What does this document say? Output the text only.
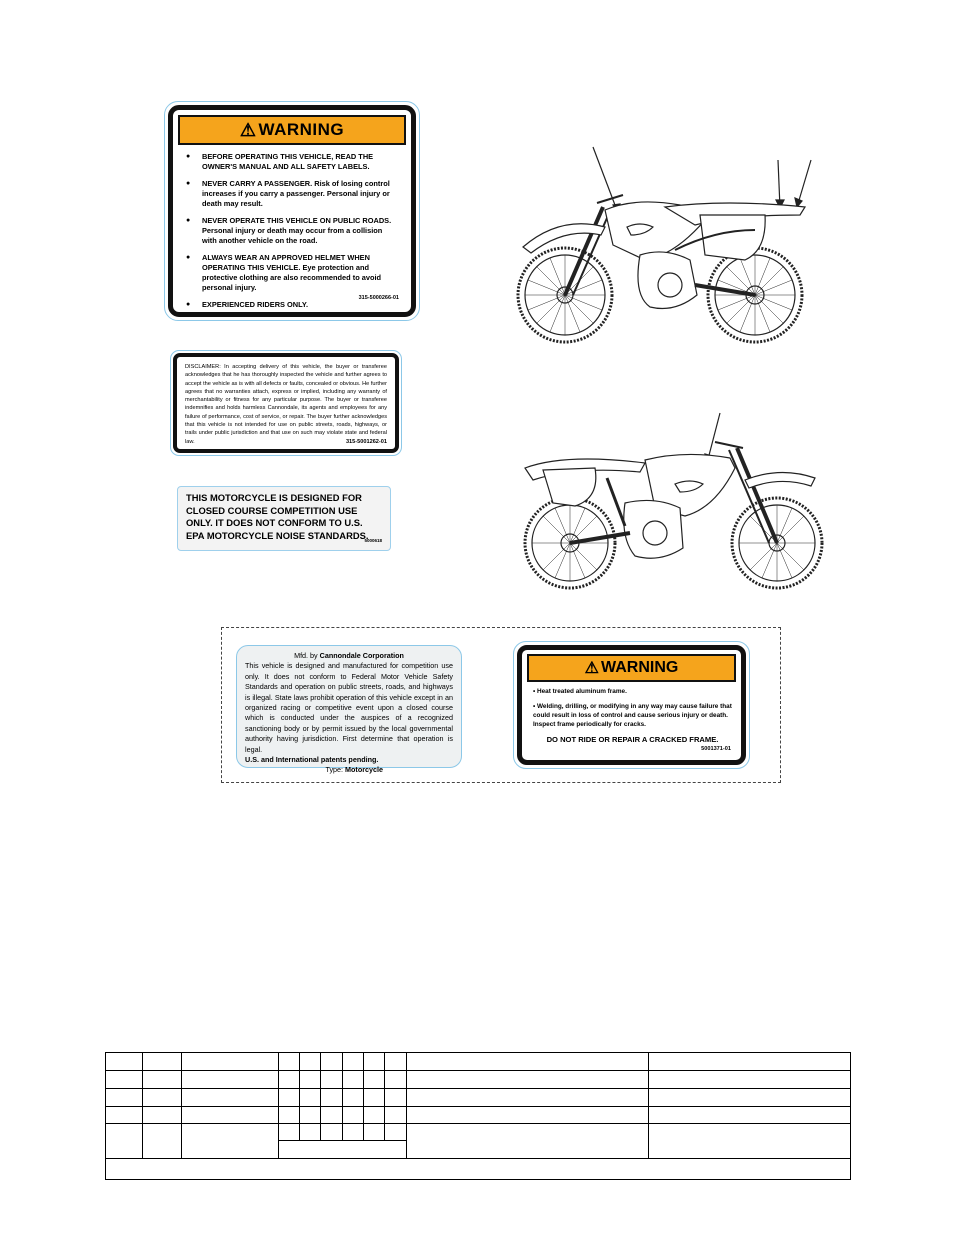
⚠ WARNING
● BEFORE OPERATING THIS VEHICLE, READ THE OWNER'S MANUAL AND ALL SAFETY LABELS.
● NEVER CARRY A PASSENGER. Risk of losing control increases if you carry a passenger. Personal injury or death may result.
● NEVER OPERATE THIS VEHICLE ON PUBLIC ROADS. Personal injury or death may occur from a collision with another vehicle on the road.
● ALWAYS WEAR AN APPROVED HELMET WHEN OPERATING THIS VEHICLE. Eye protection and protective clothing are also recommended to avoid personal injury.
● EXPERIENCED RIDERS ONLY.
315-5000266-01
DISCLAIMER: In accepting delivery of this vehicle, the buyer or transferee acknowledges that he has thoroughly inspected the vehicle and further agrees to accept the vehicle as is with all defects or faults, concealed or obvious. He further agrees that no warranties attach, express or implied, including any warranty of merchantability or fitness for any particular purpose. The buyer or transferee indemnifies and holds harmless Cannondale, its agents and employees for any failure of performance, cost of service, or repair. The buyer further acknowledges that this vehicle is not intended for use on public streets, roads, highways, or trails under public jurisdiction and that use on such may violate state and federal law.	315-5001262-01
THIS MOTORCYCLE IS DESIGNED FOR
CLOSED COURSE COMPETITION USE
ONLY. IT DOES NOT CONFORM TO U.S.
EPA MOTORCYCLE NOISE STANDARDS.
5000618
Mfd. by Cannondale Corporation
This vehicle is designed and manufactured for competition use only. It does not conform to Federal Motor Vehicle Safety Standards and operation on public streets, roads, and highways is illegal. State laws prohibit operation of this vehicle except in an organized racing or competitive event upon a closed course which is conducted under the auspices of a recognized sanctioning body or by permit issued by the local governmental authority having jurisdiction. First determine that operation is legal.
U.S. and International patents pending.
Type: Motorcycle
⚠ WARNING

• Heat treated aluminum frame.

• Welding, drilling, or modifying in any way may cause failure that could result in loss of control and cause serious injury or death. Inspect frame periodically for cracks.

DO NOT RIDE OR REPAIR A CRACKED FRAME.

5001371-01
